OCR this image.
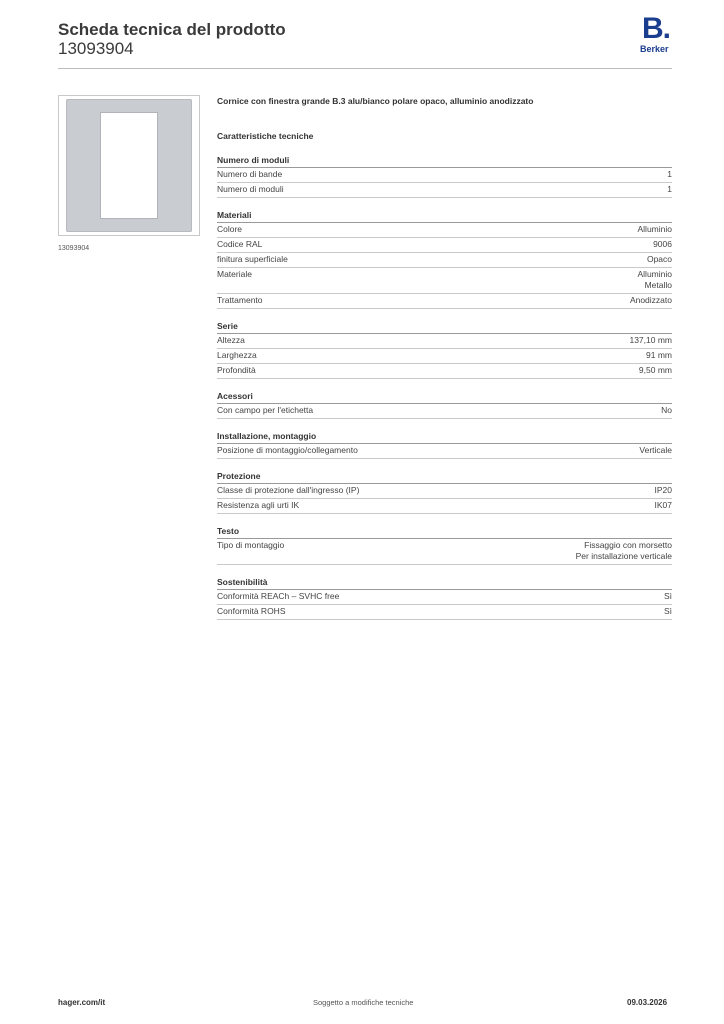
Scheda tecnica del prodotto
13093904
B.
Berker
13093904
Cornice con finestra grande B.3 alu/bianco polare opaco, alluminio anodizzato
Caratteristiche tecniche
Numero di moduli
Numero di bande	1
Numero di moduli	1
Materiali
Colore	Alluminio
Codice RAL	9006
finitura superficiale	Opaco
Materiale	Alluminio
Metallo
Trattamento	Anodizzato
Serie
Altezza	137,10 mm
Larghezza	91 mm
Profondità	9,50 mm
Acessori
Con campo per l'etichetta	No
Installazione, montaggio
Posizione di montaggio/collegamento	Verticale
Protezione
Classe di protezione dall'ingresso (IP)	IP20
Resistenza agli urti IK	IK07
Testo
Tipo di montaggio	Fissaggio con morsetto
Per installazione verticale
Sostenibilità
Conformità REACh – SVHC free	Sì
Conformità ROHS	Sì
hager.com/it	Soggetto a modifiche tecniche	09.03.2026
